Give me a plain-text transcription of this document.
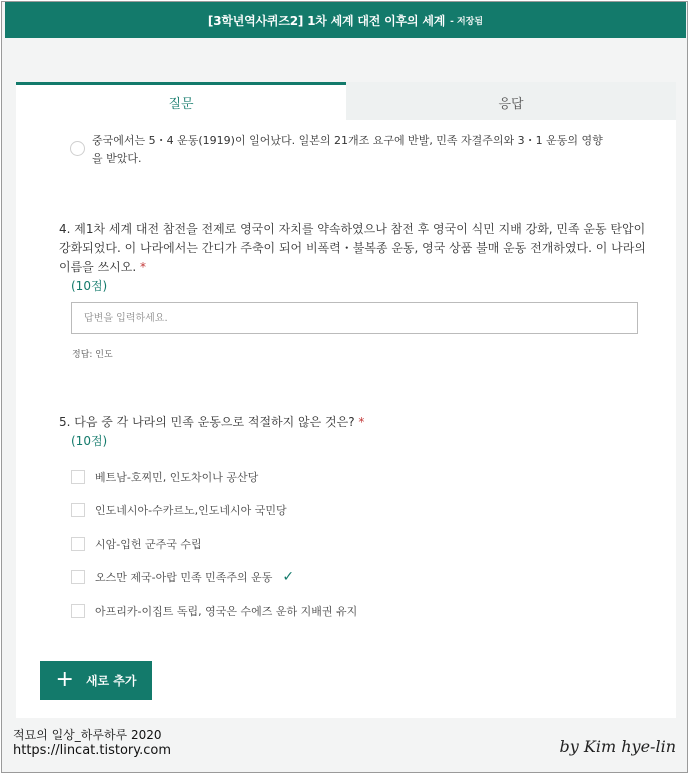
[3학년역사퀴즈2] 1차 세계 대전 이후의 세계 - 저장됨
질문	응답
중국에서는 5・4 운동(1919)이 일어났다. 일본의 21개조 요구에 반발, 민족 자결주의와 3・1 운동의 영향을 받았다.
4. 제1차 세계 대전 참전을 전제로 영국이 자치를 약속하였으나 참전 후 영국이 식민 지배 강화, 민족 운동 탄압이 강화되었다. 이 나라에서는 간디가 주축이 되어 비폭력・불복종 운동, 영국 상품 불매 운동 전개하였다. 이 나라의 이름을 쓰시오. *
(10점)
답변을 입력하세요.
정답: 인도
5. 다음 중 각 나라의 민족 운동으로 적절하지 않은 것은? *
(10점)
베트남-호찌민, 인도차이나 공산당
인도네시아-수카르노,인도네시아 국민당
시암-입헌 군주국 수립
오스만 제국-아랍 민족 민족주의 운동 ✓
아프리카-이집트 독립, 영국은 수에즈 운하 지배권 유지
+ 새로 추가
적묘의 일상_하루하루 2020
https://lincat.tistory.com	by Kim hye-lin
